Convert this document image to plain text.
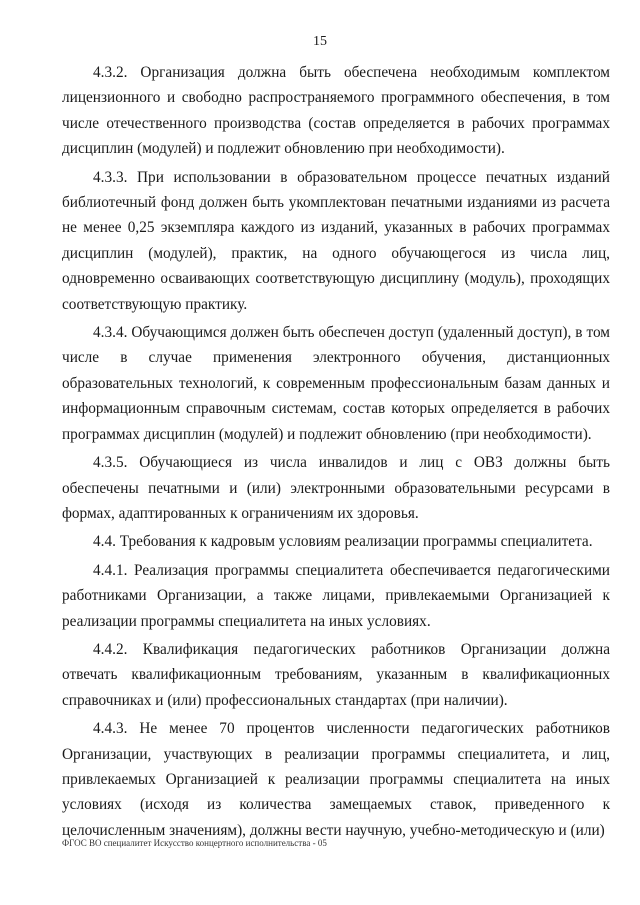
15

4.3.2. Организация должна быть обеспечена необходимым комплектом лицензионного и свободно распространяемого программного обеспечения, в том числе отечественного производства (состав определяется в рабочих программах дисциплин (модулей) и подлежит обновлению при необходимости).

4.3.3. При использовании в образовательном процессе печатных изданий библиотечный фонд должен быть укомплектован печатными изданиями из расчета не менее 0,25 экземпляра каждого из изданий, указанных в рабочих программах дисциплин (модулей), практик, на одного обучающегося из числа лиц, одновременно осваивающих соответствующую дисциплину (модуль), проходящих соответствующую практику.

4.3.4. Обучающимся должен быть обеспечен доступ (удаленный доступ), в том числе в случае применения электронного обучения, дистанционных образовательных технологий, к современным профессиональным базам данных и информационным справочным системам, состав которых определяется в рабочих программах дисциплин (модулей) и подлежит обновлению (при необходимости).

4.3.5. Обучающиеся из числа инвалидов и лиц с ОВЗ должны быть обеспечены печатными и (или) электронными образовательными ресурсами в формах, адаптированных к ограничениям их здоровья.

4.4. Требования к кадровым условиям реализации программы специалитета.

4.4.1. Реализация программы специалитета обеспечивается педагогическими работниками Организации, а также лицами, привлекаемыми Организацией к реализации программы специалитета на иных условиях.

4.4.2. Квалификация педагогических работников Организации должна отвечать квалификационным требованиям, указанным в квалификационных справочниках и (или) профессиональных стандартах (при наличии).

4.4.3. Не менее 70 процентов численности педагогических работников Организации, участвующих в реализации программы специалитета, и лиц, привлекаемых Организацией к реализации программы специалитета на иных условиях (исходя из количества замещаемых ставок, приведенного к целочисленным значениям), должны вести научную, учебно-методическую и (или)

ФГОС ВО специалитет Искусство концертного исполнительства - 05
